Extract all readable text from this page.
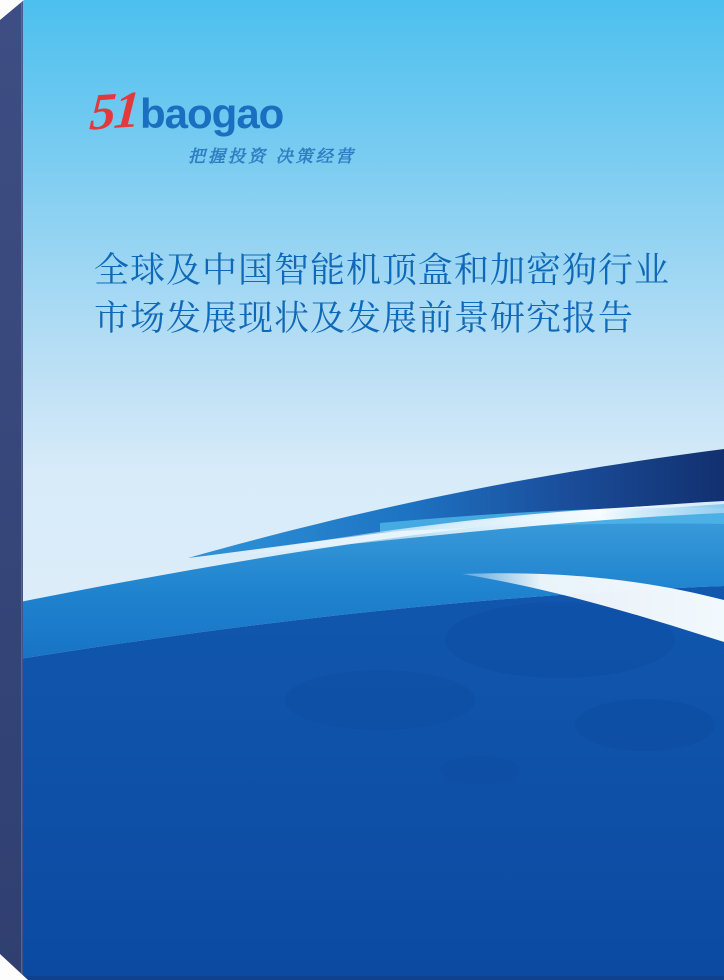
51baogao
把握投资 决策经营
全球及中国智能机顶盒和加密狗行业
市场发展现状及发展前景研究报告
